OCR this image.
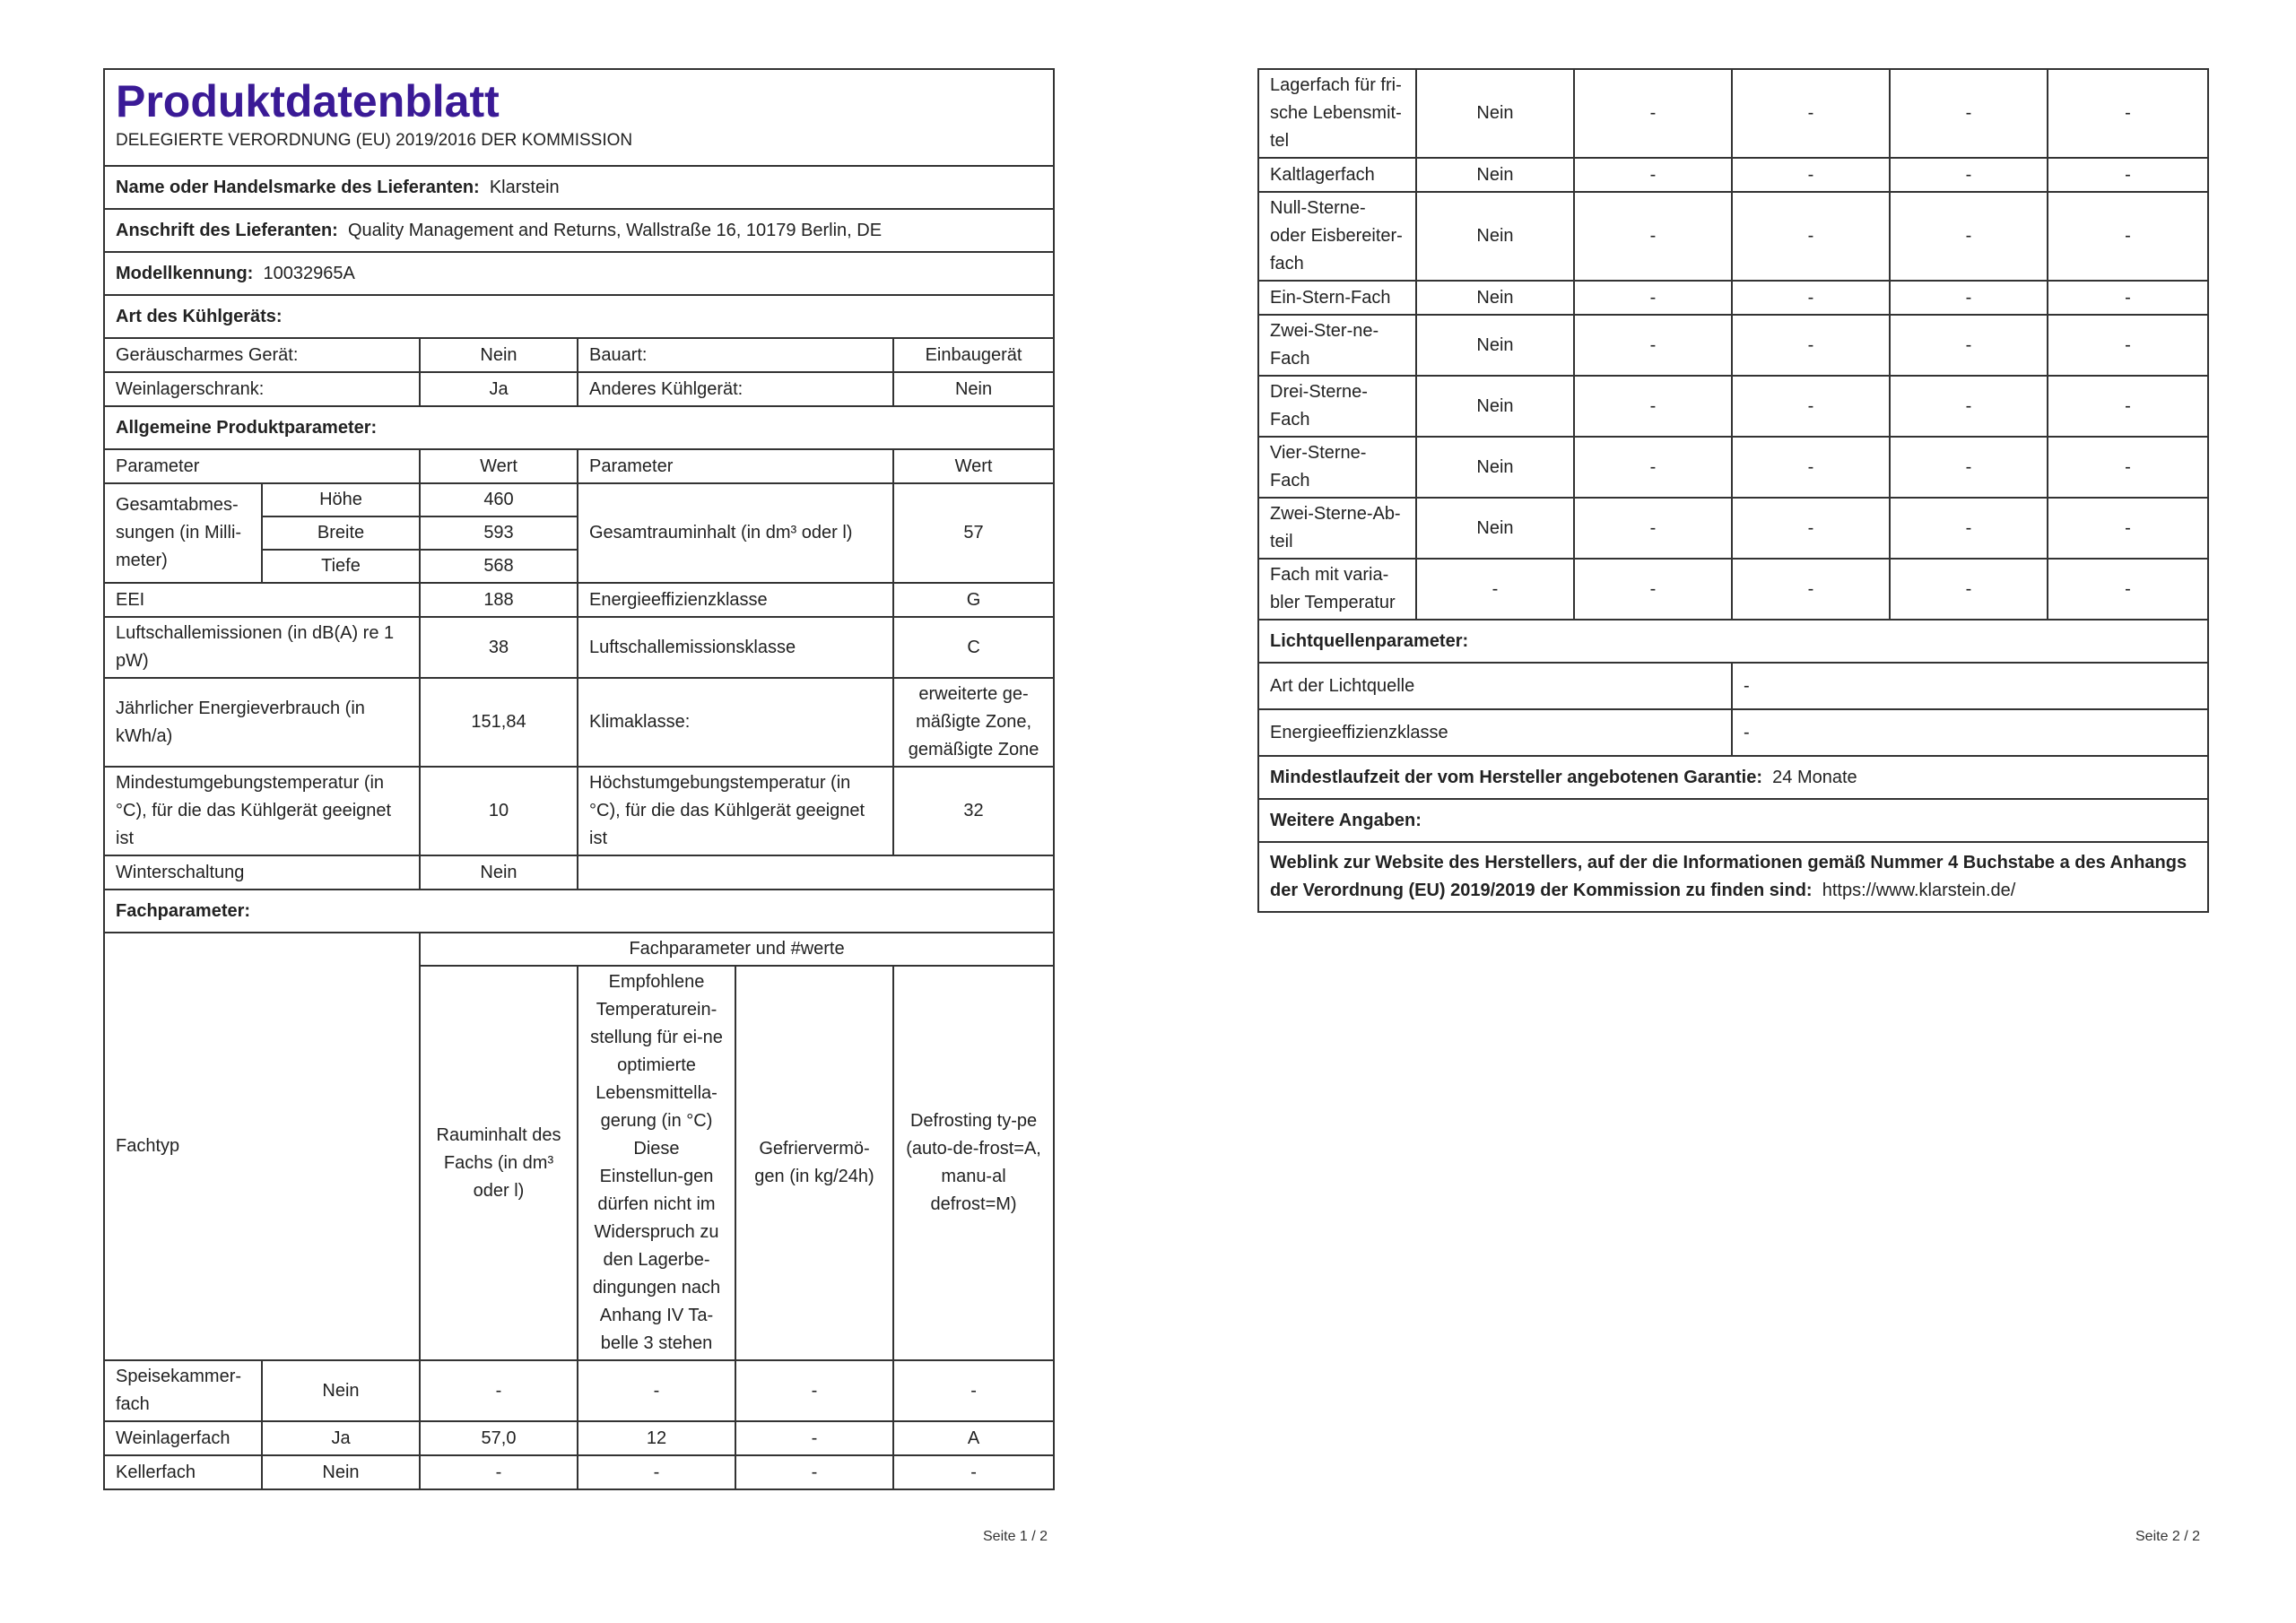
Produktdatenblatt
DELEGIERTE VERORDNUNG (EU) 2019/2016 DER KOMMISSION					

Name oder Handelsmarke des Lieferanten: Klarstein					
Anschrift des Lieferanten: Quality Management and Returns, Wallstraße 16, 10179 Berlin, DE					
Modellkennung: 10032965A					
Art des Kühlgeräts:					
Geräuscharmes Gerät:		Nein	Bauart:		Einbaugerät
Weinlagerschrank:		Ja	Anderes Kühlgerät:		Nein
Allgemeine Produktparameter:					
Parameter		Wert	Parameter		Wert
Gesamtabmes-sungen (in Milli-meter)	Höhe	460	Gesamtrauminhalt (in dm³ oder l)		57
	Breite	593			
	Tiefe	568			
EEI		188	Energieeffizienzklasse		G
Luftschallemissionen (in dB(A) re 1 pW)		38	Luftschallemissionsklasse		C
Jährlicher Energieverbrauch (in kWh/a)		151,84	Klimaklasse:		erweiterte ge-mäßigte Zone, gemäßigte Zone
Mindestumgebungstemperatur (in °C), für die das Kühlgerät geeignet ist		10	Höchstumgebungstemperatur (in °C), für die das Kühlgerät geeignet ist		32
Winterschaltung		Nein			
Fachparameter:					
Fachtyp		Fachparameter und #werte			
		Rauminhalt des Fachs (in dm³ oder l)	Empfohlene Temperaturein-stellung für ei-ne optimierte Lebensmittella-gerung (in °C) Diese Einstellun-gen dürfen nicht im Widerspruch zu den Lagerbe-dingungen nach Anhang IV Ta-belle 3 stehen	Gefriervermö-gen (in kg/24h)	Defrosting ty-pe (auto-de-frost=A, manu-al defrost=M)
Speisekammer-fach	Nein	-	-	-	-
Weinlagerfach	Ja	57,0	12	-	A
Kellerfach	Nein	-	-	-	-
Seite 1 / 2
Lagerfach für fri-sche Lebensmit-tel	Nein	-	-	-	-
Kaltlagerfach	Nein	-	-	-	-
Null-Sterne- oder Eisbereiter-fach	Nein	-	-	-	-
Ein-Stern-Fach	Nein	-	-	-	-
Zwei-Ster-ne-Fach	Nein	-	-	-	-
Drei-Sterne-Fach	Nein	-	-	-	-
Vier-Sterne-Fach	Nein	-	-	-	-
Zwei-Sterne-Ab-teil	Nein	-	-	-	-
Fach mit varia-bler Temperatur	-	-	-	-	-
Lichtquellenparameter:					
Art der Lichtquelle			-		
Energieeffizienzklasse			-		
Mindestlaufzeit der vom Hersteller angebotenen Garantie: 24 Monate					
Weitere Angaben:					
Weblink zur Website des Herstellers, auf der die Informationen gemäß Nummer 4 Buchstabe a des Anhangs der Verordnung (EU) 2019/2019 der Kommission zu finden sind: https://www.klarstein.de/					
Seite 2 / 2
